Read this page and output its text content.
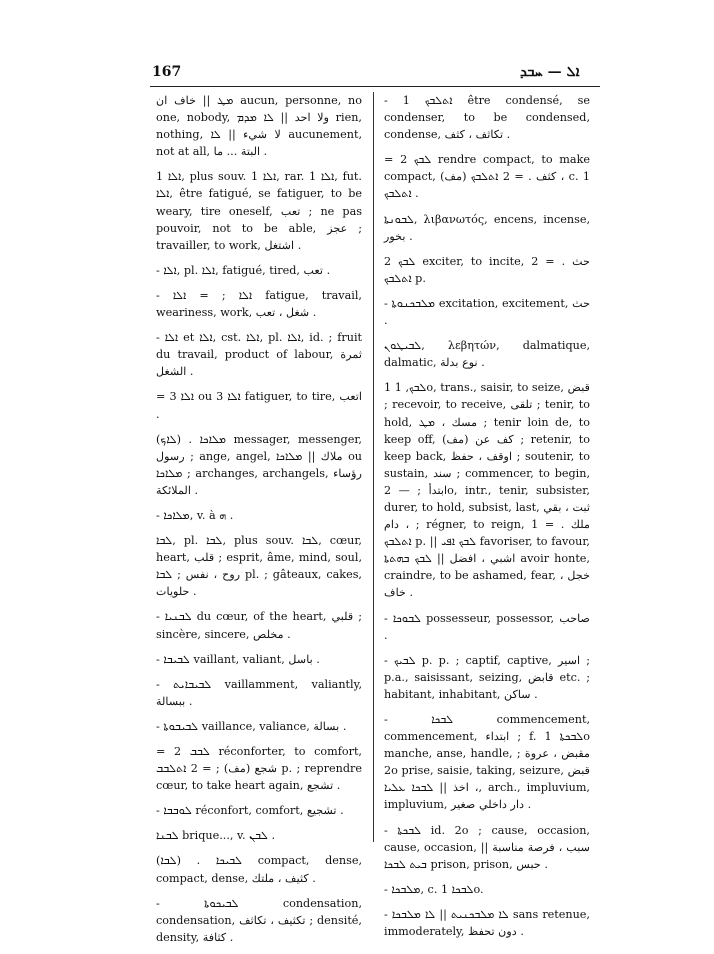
167	ܐܠ — ܚܒܕ

ܡܛ || خاف ان aucun, personne, no one, nobody, ولا احد || ܠܐ ܡܕܡ rien, nothing, لا شيء || ܠܐ aucunement, not at all, البتة ... ما .

ܐܠܐ 1, plus souv. ܐܠܐ 1, rar. ܐܠܐ 1, fut. ܐܠܐ, être fatigué, se fatiguer, to be weary, tire oneself, تعب ; ne pas pouvoir, not to be able, عجز ; travailler, to work, اشتغل .

- ܐܠܐ, pl. ܐܠܐ, fatigué, tired, تعب .

- ܐܠܐ ; = ܐܠܐ fatigue, travail, weariness, work, شغل ، تعب .

- ܐܠܐ et ܐܠܐ, cst. ܐܠܐ, pl. ܐܠܐ, id. ; fruit du travail, product of labour, ثمرة الشغل .

= 3 ܐܠܐ ou 3 ܐܠܐ fatiguer, to tire, اتعب .

(ܠܐܟ) . ܡܠܐܟܐ messager, messenger, رسول ; ange, angel, ملاك || ܡܠܐܟܐ ou ܡܠܐܟܐ ; archanges, archangels, رؤساء الملائكة .

- ܡܠܐܟܐ, v. à ܗ .

ܠܒܐ, pl. ܠܒܐ, plus souv. ܠܒܐ, cœur, heart, قلب ; esprit, âme, mind, soul, روح ، نفس ; ܠܒܐ pl. ; gâteaux, cakes, حلويات .

- ܠܒܢܝܐ du cœur, of the heart, قلبي ; sincère, sincere, مخلص .

- ܠܒܝܒܐ vaillant, valiant, باسل .

- ܠܒܝܒܐܝܬ vaillamment, valiantly, ببسالة .

- ܠܒܝܒܘܬܐ vaillance, valiance, بسالة .

= 2 ܠܒܒ réconforter, to comfort, شجع (مف) ; = 2 ܐܬܠܒܒ p. ; reprendre cœur, to take heart again, تشجع .

- ܠܘܒܒܐ réconfort, comfort, تشجيع .

ܠܒܢܐ brique..., v. ܠܒܢ .

(ܠܒܐ) . ܠܒܝܟܐ compact, dense, compact, dense, كثيف ، ملتك .

- ܠܒܝܟܘܬܐ condensation, condensation, تكثيف ، تكاثف ; densité, density, كثافة .

- 1 ܐܬܠܒܟ être condensé, se condenser, to be condensed, condense, تكاثف ، كثف .

= 2 ܠܒܟ rendre compact, to make compact, (مف) كثف . = 2 ܐܬܠܒܟ ، c. 1 ܐܬܠܒܟ .

ܠܒܘܢܬܐ, λιβανωτός, encens, incense, بخور .

2 ܠܒܟ exciter, to incite, حث . = 2 ܐܬܠܒܟ p.

- ܡܠܒܟܢܘܬܐ excitation, excitement, حث .

ܠܒܝܛܘܢ, λεβητών, dalmatique, dalmatic, نوع بدلة .

1 ܠܒܟ, 1o, trans., saisir, to seize, قبض ; recevoir, to receive, تلقى ; tenir, to hold, مسك ، ܡܛ ; tenir loin de, to keep off, (مف) كف عن ; retenir, to keep back, اوقف ، حفظ ; soutenir, to sustain, سند ; commencer, to begin, ابتدأ ; — 2o, intr., tenir, subsister, durer, to hold, subsist, last, ثبت ، بقي ، دام ; régner, to reign, ملك . = 1 ܐܬܠܒܟ p. || ܠܒܟ ܐܦܝ favoriser, to favour, اشبي ، افضل || ܠܒܟ ܒܗܬܬܐ avoir honte, craindre, to be ashamed, fear, خجل ، خاف .

- ܠܒܘܟܐ possesseur, possessor, صاحب .

- ܠܒܝܟ p. p. ; captif, captive, اسير ; p.a., saisissant, seizing, قابض etc. ; habitant, inhabitant, ساكن .

- ܠܒܟܐ commencement, commencement, ابتداء ; f. ܠܒܟܬܐ 1o manche, anse, handle, مقبض ، عروة ; 2o prise, saisie, taking, seizure, قبض ، اخذ || ܠܒܟܐ ܥܠܝܐ, arch., impluvium, impluvium, دار داخلي صغير .

- ܠܒܟܬܐ id. 2o ; cause, occasion, cause, occasion, سبب ، فرصة مناسبة || ܒܝܬ ܠܒܟܐ prison, prison, حبس .

- ܡܠܒܟܐ, c. ܠܒܟܐ 1o.

- ܠܐ ܡܠܒܟܢܝܬ || ܠܐ ܡܠܒܟܐ sans retenue, immoderately, دون تحفظ .
